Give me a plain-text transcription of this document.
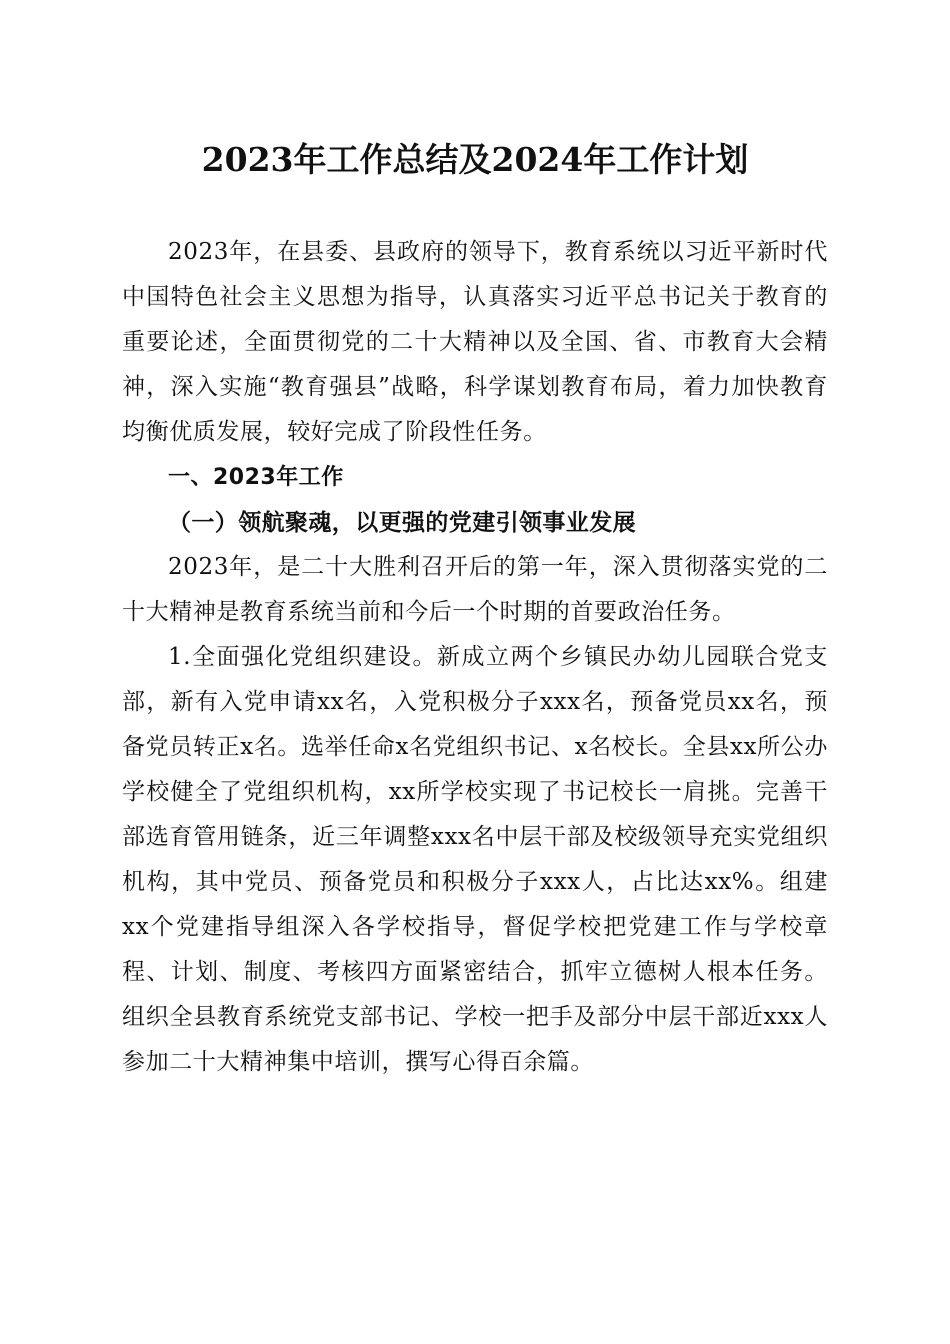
2023年工作总结及2024年工作计划

2023年，在县委、县政府的领导下，教育系统以习近平新时代中国特色社会主义思想为指导，认真落实习近平总书记关于教育的重要论述，全面贯彻党的二十大精神以及全国、省、市教育大会精神，深入实施“教育强县”战略，科学谋划教育布局，着力加快教育均衡优质发展，较好完成了阶段性任务。

一、2023年工作

（一）领航聚魂，以更强的党建引领事业发展

2023年，是二十大胜利召开后的第一年，深入贯彻落实党的二十大精神是教育系统当前和今后一个时期的首要政治任务。

1.全面强化党组织建设。新成立两个乡镇民办幼儿园联合党支部，新有入党申请xx名，入党积极分子xxx名，预备党员xx名，预备党员转正x名。选举任命x名党组织书记、x名校长。全县xx所公办学校健全了党组织机构，xx所学校实现了书记校长一肩挑。完善干部选育管用链条，近三年调整xxx名中层干部及校级领导充实党组织机构，其中党员、预备党员和积极分子xxx人，占比达xx%。组建xx个党建指导组深入各学校指导，督促学校把党建工作与学校章程、计划、制度、考核四方面紧密结合，抓牢立德树人根本任务。组织全县教育系统党支部书记、学校一把手及部分中层干部近xxx人参加二十大精神集中培训，撰写心得百余篇。
